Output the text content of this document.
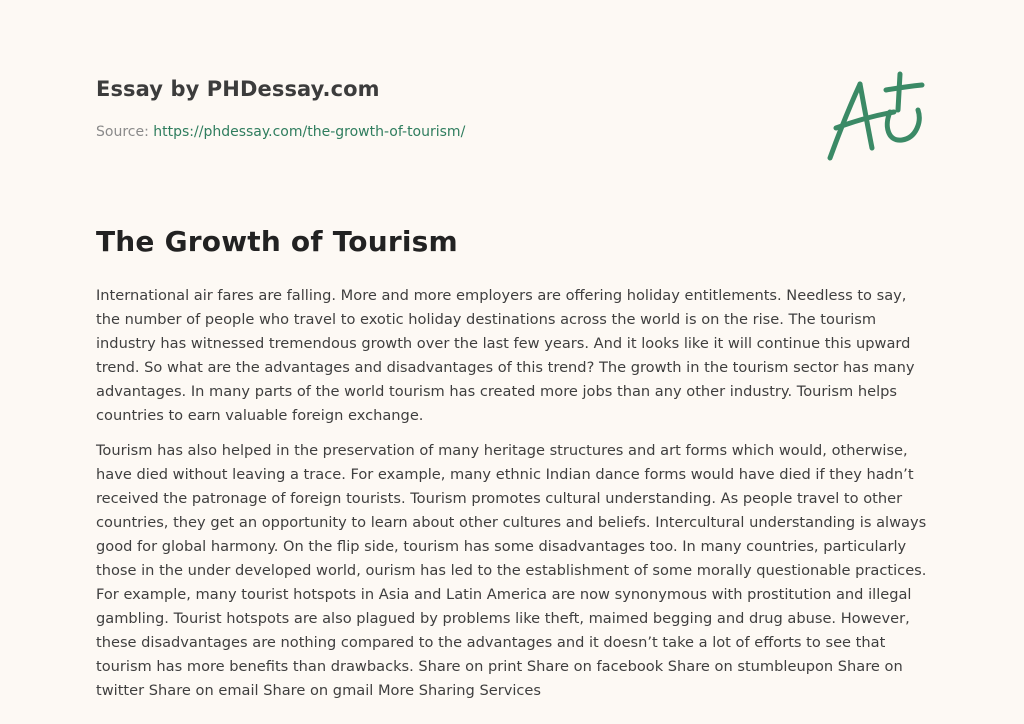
Essay by PHDessay.com
Source: https://phdessay.com/the-growth-of-tourism/
The Growth of Tourism

International air fares are falling. More and more employers are offering holiday entitlements. Needless to say, the number of people who travel to exotic holiday destinations across the world is on the rise. The tourism industry has witnessed tremendous growth over the last few years. And it looks like it will continue this upward trend. So what are the advantages and disadvantages of this trend? The growth in the tourism sector has many advantages. In many parts of the world tourism has created more jobs than any other industry. Tourism helps countries to earn valuable foreign exchange.

Tourism has also helped in the preservation of many heritage structures and art forms which would, otherwise, have died without leaving a trace. For example, many ethnic Indian dance forms would have died if they hadn’t received the patronage of foreign tourists. Tourism promotes cultural understanding. As people travel to other countries, they get an opportunity to learn about other cultures and beliefs. Intercultural understanding is always good for global harmony. On the flip side, tourism has some disadvantages too. In many countries, particularly those in the under developed world, ourism has led to the establishment of some morally questionable practices. For example, many tourist hotspots in Asia and Latin America are now synonymous with prostitution and illegal gambling. Tourist hotspots are also plagued by problems like theft, maimed begging and drug abuse. However, these disadvantages are nothing compared to the advantages and it doesn’t take a lot of efforts to see that tourism has more benefits than drawbacks. Share on print Share on facebook Share on stumbleupon Share on twitter Share on email Share on gmail More Sharing Services
